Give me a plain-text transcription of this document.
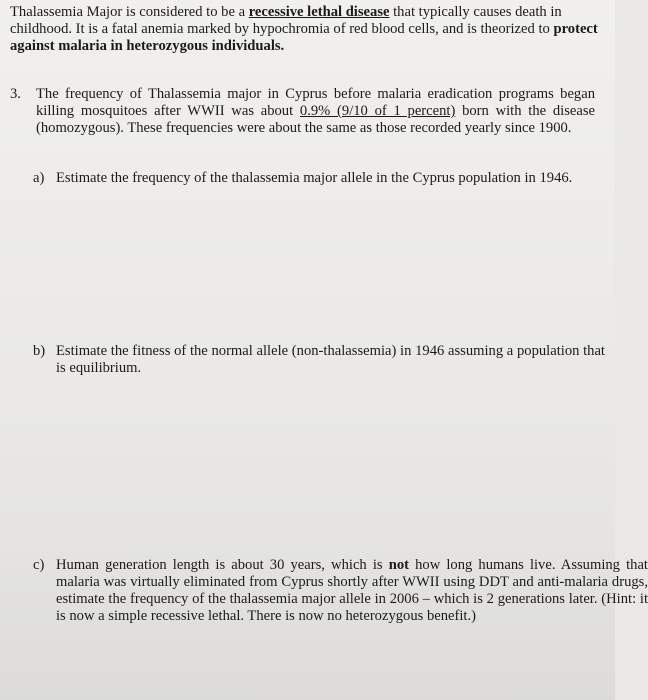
Thalassemia Major is considered to be a recessive lethal disease that typically causes death in childhood. It is a fatal anemia marked by hypochromia of red blood cells, and is theorized to protect against malaria in heterozygous individuals.

3. The frequency of Thalassemia major in Cyprus before malaria eradication programs began killing mosquitoes after WWII was about 0.9% (9/10 of 1 percent) born with the disease (homozygous). These frequencies were about the same as those recorded yearly since 1900.
a) Estimate the frequency of the thalassemia major allele in the Cyprus population in 1946.
b) Estimate the fitness of the normal allele (non-thalassemia) in 1946 assuming a population that is equilibrium.
c) Human generation length is about 30 years, which is not how long humans live. Assuming that malaria was virtually eliminated from Cyprus shortly after WWII using DDT and anti-malaria drugs, estimate the frequency of the thalassemia major allele in 2006 – which is 2 generations later. (Hint: it is now a simple recessive lethal. There is now no heterozygous benefit.)
